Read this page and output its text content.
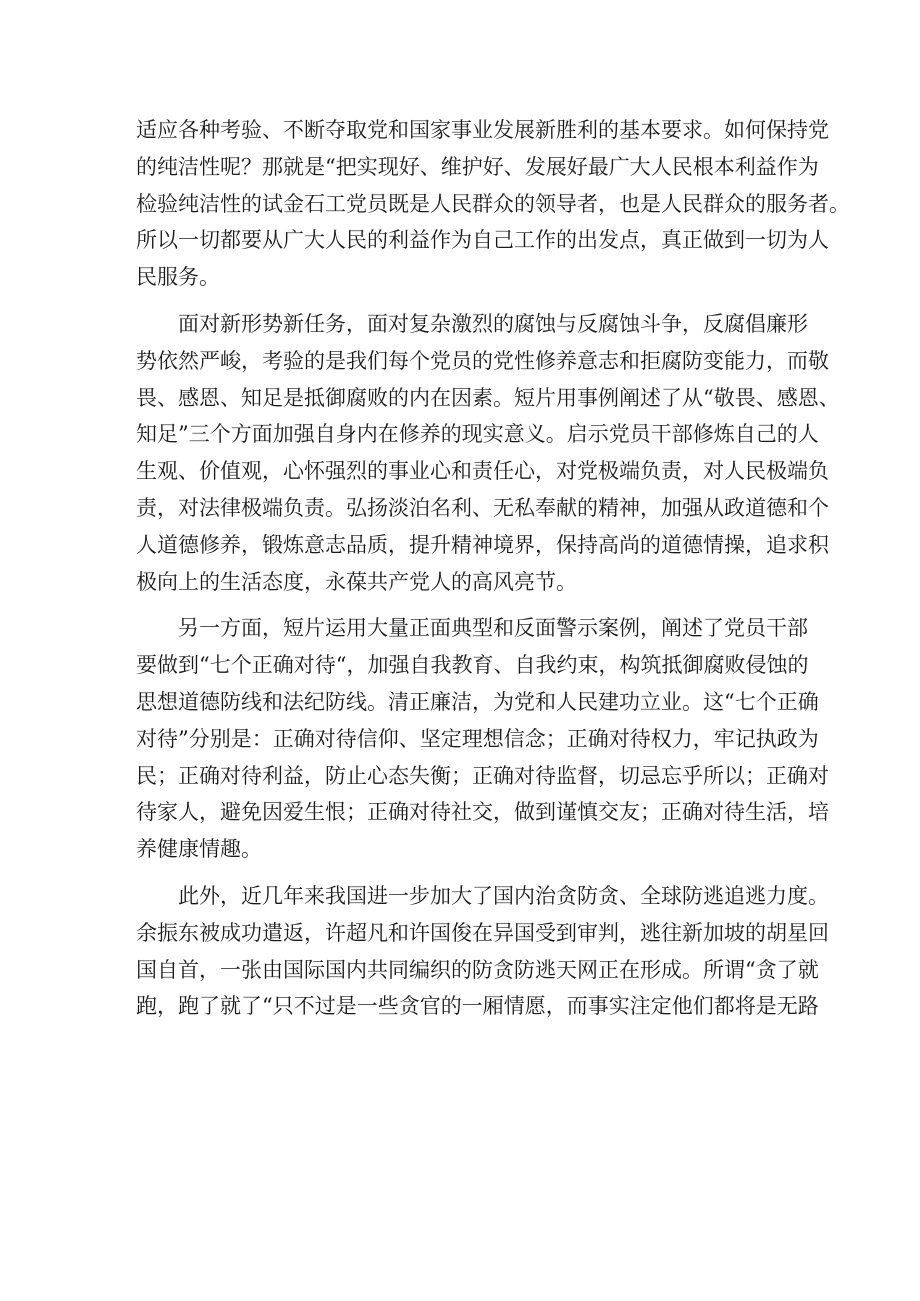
适应各种考验、不断夺取党和国家事业发展新胜利的基本要求。如何保持党
的纯洁性呢？那就是“把实现好、维护好、发展好最广大人民根本利益作为
检验纯洁性的试金石工党员既是人民群众的领导者，也是人民群众的服务者。
所以一切都要从广大人民的利益作为自己工作的出发点，真正做到一切为人
民服务。

面对新形势新任务，面对复杂激烈的腐蚀与反腐蚀斗争，反腐倡廉形
势依然严峻，考验的是我们每个党员的党性修养意志和拒腐防变能力，而敬
畏、感恩、知足是抵御腐败的内在因素。短片用事例阐述了从“敬畏、感恩、
知足”三个方面加强自身内在修养的现实意义。启示党员干部修炼自己的人
生观、价值观，心怀强烈的事业心和责任心，对党极端负责，对人民极端负
责，对法律极端负责。弘扬淡泊名利、无私奉献的精神，加强从政道德和个
人道德修养，锻炼意志品质，提升精神境界，保持高尚的道德情操，追求积
极向上的生活态度，永葆共产党人的高风亮节。

另一方面，短片运用大量正面典型和反面警示案例，阐述了党员干部
要做到“七个正确对待“，加强自我教育、自我约束，构筑抵御腐败侵蚀的
思想道德防线和法纪防线。清正廉洁，为党和人民建功立业。这“七个正确
对待”分别是：正确对待信仰、坚定理想信念；正确对待权力，牢记执政为
民；正确对待利益，防止心态失衡；正确对待监督，切忌忘乎所以；正确对
待家人，避免因爱生恨；正确对待社交，做到谨慎交友；正确对待生活，培
养健康情趣。

此外，近几年来我国进一步加大了国内治贪防贪、全球防逃追逃力度。
余振东被成功遣返，许超凡和许国俊在异国受到审判，逃往新加坡的胡星回
国自首，一张由国际国内共同编织的防贪防逃天网正在形成。所谓“贪了就
跑，跑了就了“只不过是一些贪官的一厢情愿，而事实注定他们都将是无路
